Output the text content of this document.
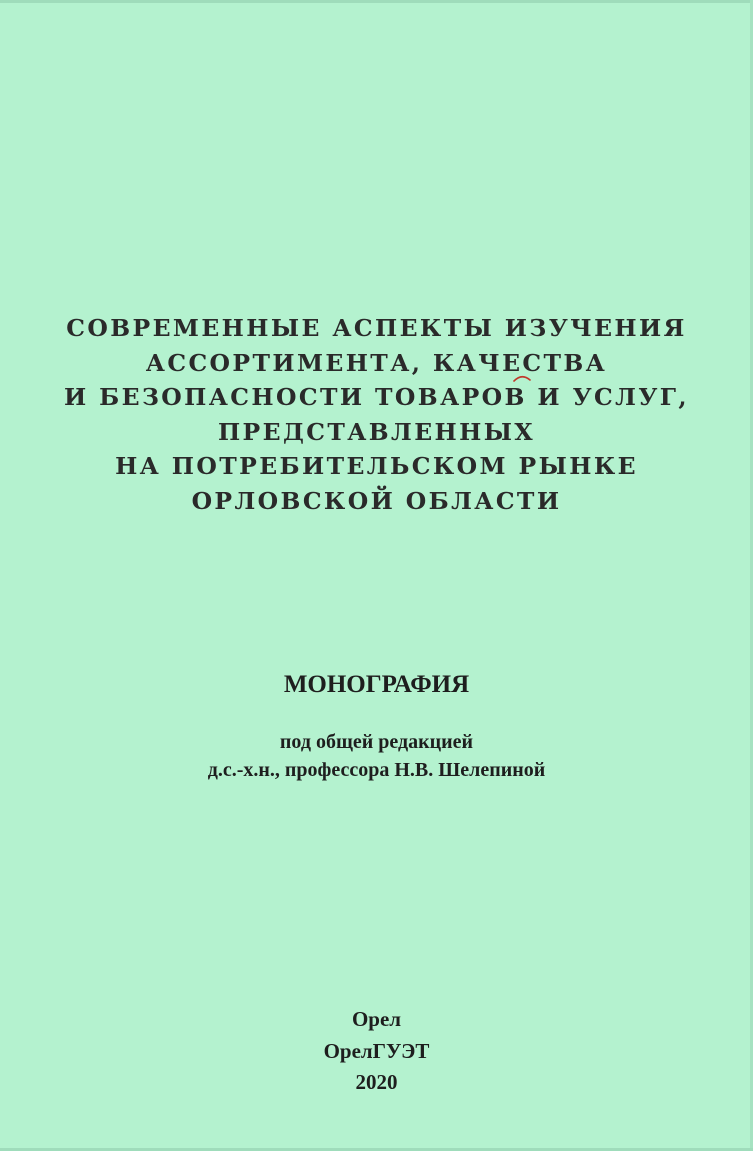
СОВРЕМЕННЫЕ АСПЕКТЫ ИЗУЧЕНИЯ
АССОРТИМЕНТА, КАЧЕСТВА
И БЕЗОПАСНОСТИ ТОВАРОВ И УСЛУГ,
ПРЕДСТАВЛЕННЫХ
НА ПОТРЕБИТЕЛЬСКОМ РЫНКЕ
ОРЛОВСКОЙ ОБЛАСТИ
МОНОГРАФИЯ
под общей редакцией
д.с.-х.н., профессора Н.В. Шелепиной
Орел
ОрелГУЭТ
2020
